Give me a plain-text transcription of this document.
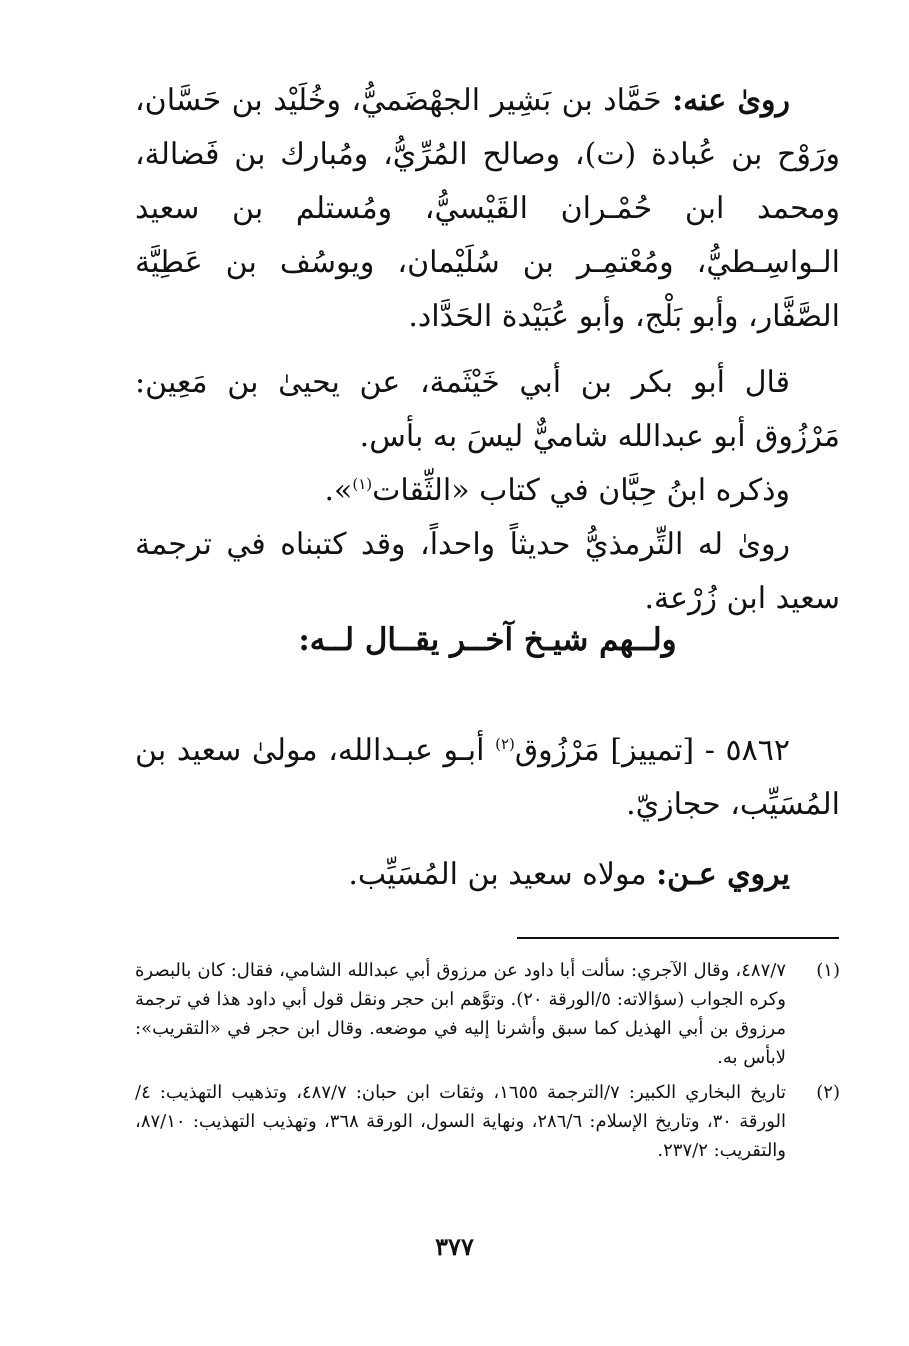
روىٰ عنه: حَمَّاد بن بَشِير الجهْضَميُّ، وخُلَيْد بن حَسَّان، ورَوْح بن عُبادة (ت)، وصالح المُرِّيُّ، ومُبارك بن فَضالة، ومحمد ابن حُمْـران القَيْسيُّ، ومُستلم بن سعيد الـواسِـطيُّ، ومُعْتمِـر بن سُلَيْمان، ويوسُف بن عَطِيَّة الصَّفَّار، وأبو بَلْج، وأبو عُبَيْدة الحَدَّاد.

قال أبو بكر بن أبي خَيْثَمة، عن يحيىٰ بن مَعِين: مَرْزُوق أبو عبدالله شاميٌّ ليسَ به بأس.

وذكره ابنُ حِبَّان في كتاب «الثِّقات$^{(١)}$».

روىٰ له التِّرمذيُّ حديثاً واحداً، وقد كتبناه في ترجمة سعيد ابن زُرْعة.

ولــهم شيـخ آخــر يقــال لــه:

٥٨٦٢ - [تمييز] مَرْزُوق$^{(٢)}$ أبـو عبـدالله، مولىٰ سعيد بن المُسَيِّب، حجازيّ.

يروي عـن: مولاه سعيد بن المُسَيِّب.

(١)
٤٨٧/٧، وقال الآجري: سألت أبا داود عن مرزوق أبي عبدالله الشامي، فقال: كان بالبصرة وكره الجواب (سؤالاته: ٥/الورقة ٢٠). وتوَّهم ابن حجر ونقل قول أبي داود هذا في ترجمة مرزوق بن أبي الهذيل كما سبق وأشرنا إليه في موضعه. وقال ابن حجر في «التقريب»: لابأس به.

(٢)
تاريخ البخاري الكبير: ٧/الترجمة ١٦٥٥، وثقات ابن حبان: ٤٨٧/٧، وتذهيب التهذيب: ٤/الورقة ٣٠، وتاريخ الإسلام: ٢٨٦/٦، ونهاية السول، الورقة ٣٦٨، وتهذيب التهذيب: ٨٧/١٠، والتقريب: ٢٣٧/٢.

٣٧٧
